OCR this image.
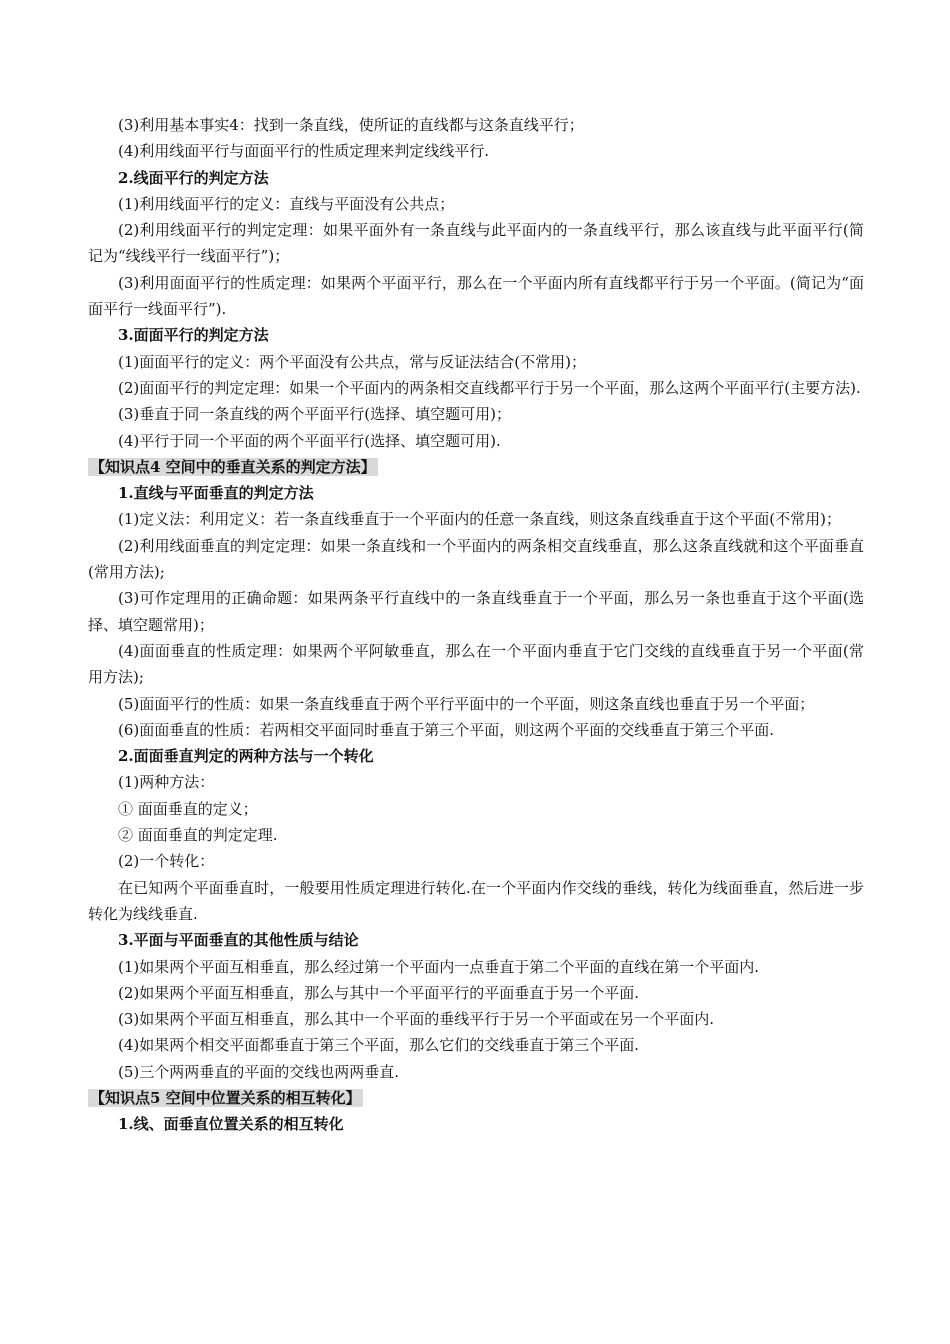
(3)利用基本事实4：找到一条直线，使所证的直线都与这条直线平行；
(4)利用线面平行与面面平行的性质定理来判定线线平行.
2.线面平行的判定方法
(1)利用线面平行的定义：直线与平面没有公共点；
(2)利用线面平行的判定定理：如果平面外有一条直线与此平面内的一条直线平行，那么该直线与此平面平行(简记为“线线平行一线面平行”)；
(3)利用面面平行的性质定理：如果两个平面平行，那么在一个平面内所有直线都平行于另一个平面。(简记为“面面平行一线面平行”).
3.面面平行的判定方法
(1)面面平行的定义：两个平面没有公共点，常与反证法结合(不常用)；
(2)面面平行的判定定理：如果一个平面内的两条相交直线都平行于另一个平面，那么这两个平面平行(主要方法).
(3)垂直于同一条直线的两个平面平行(选择、填空题可用)；
(4)平行于同一个平面的两个平面平行(选择、填空题可用).
【知识点4 空间中的垂直关系的判定方法】
1.直线与平面垂直的判定方法
(1)定义法：利用定义：若一条直线垂直于一个平面内的任意一条直线，则这条直线垂直于这个平面(不常用)；
(2)利用线面垂直的判定定理：如果一条直线和一个平面内的两条相交直线垂直，那么这条直线就和这个平面垂直(常用方法);
(3)可作定理用的正确命题：如果两条平行直线中的一条直线垂直于一个平面，那么另一条也垂直于这个平面(选择、填空题常用)；
(4)面面垂直的性质定理：如果两个平阿敏垂直，那么在一个平面内垂直于它门交线的直线垂直于另一个平面(常用方法);
(5)面面平行的性质：如果一条直线垂直于两个平行平面中的一个平面，则这条直线也垂直于另一个平面；
(6)面面垂直的性质：若两相交平面同时垂直于第三个平面，则这两个平面的交线垂直于第三个平面.
2.面面垂直判定的两种方法与一个转化
(1)两种方法：
① 面面垂直的定义；
② 面面垂直的判定定理.
(2)一个转化：
在已知两个平面垂直时，一般要用性质定理进行转化.在一个平面内作交线的垂线，转化为线面垂直，然后进一步转化为线线垂直.
3.平面与平面垂直的其他性质与结论
(1)如果两个平面互相垂直，那么经过第一个平面内一点垂直于第二个平面的直线在第一个平面内.
(2)如果两个平面互相垂直，那么与其中一个平面平行的平面垂直于另一个平面.
(3)如果两个平面互相垂直，那么其中一个平面的垂线平行于另一个平面或在另一个平面内.
(4)如果两个相交平面都垂直于第三个平面，那么它们的交线垂直于第三个平面.
(5)三个两两垂直的平面的交线也两两垂直.
【知识点5 空间中位置关系的相互转化】
1.线、面垂直位置关系的相互转化
